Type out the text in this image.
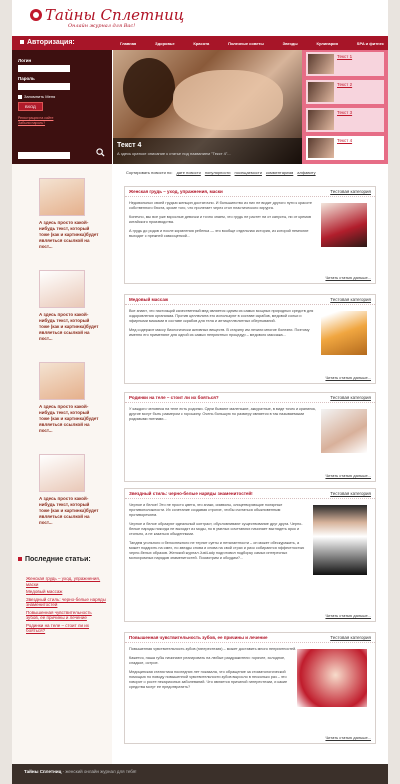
Тайны Сплетниц
Онлайн журнал для Вас!
Авторизация:	Главная	Здоровье	Красота	Полезные советы	Звезды	Кулинария	SPA и фитнес
Логин
Пароль
Запомнить Меня
ВХОД
Регистрация на сайте
Забыли пароль?
Текст 4
А здесь краткое описание к статье под названием "Текст 4"...
Текст 1
Текст 2
Текст 3
Текст 4
А здесь просто какой-нибудь текст, который тоже (как и картинка)будет являеться ссылкой на пост...
А здесь просто какой-нибудь текст, который тоже (как и картинка)будет являеться ссылкой на пост...
А здесь просто какой-нибудь текст, который тоже (как и картинка)будет являеться ссылкой на пост...
А здесь просто какой-нибудь текст, который тоже (как и картинка)будет являеться ссылкой на пост...
Последние статьи:
Женская грудь – уход, упражнения, маски
Медовый массаж
Звездный стиль: черно-белые наряды знаменитостей
Повышенная чувствительность зубов, ее причины и лечение
Родинки на теле – стоит ли их бояться?
Сортировать новости по: дате новости популярности посещаемости комментариям алфавиту
Женская грудь – уход, упражнения, маски	Тестовая категория

Недовольных своей грудью женщин достаточно. И большинство из них не видит другого пути к красоте собственного бюста, кроме того, что пролегает через стол пластического хирурга.

Конечно, мы все уже взрослые девочки и точно знаем, что грудь не растет ни от капусты, ни от кремов китайского производства.

А грудь до родов и после кормления ребенка — это вообще отдельная история, из которой немногие выходят с прежней самооценкой...

Читать статью дальше...
Медовый массаж	Тестовая категория

Все знают, что настоящий качественный мед является одним из самых мощных природных средств для оздоровления организма. Против целлюлита его используют в составе скрабов, медовой сольи и эфирными масками в составе скрабов для тела и антицеллюлитных обертываний.

Мед содержит массу биологически активных веществ. В старину им лечили многие болезни. Поэтому именно его применяют для одной из самых неприятных процедур – медового массажа...

Читать статью дальше...
Родинки на теле – стоит ли их бояться?	Тестовая категория

У каждого человека на теле есть родинки. Одни бывают маленькие, аккуратные, в виде точек и крапинок, другие могут быть размером с горошину. Очень большую по размеру является в так называемыми родимыми пятнами...

Читать статью дальше...
Звездный стиль: черно-белые наряды знаменитостей!	Тестовая категория

Черное и белое! Это не просто цвета, это знаки, символы, олицетворяющие полярные противоположности. Их сочетание создавая строгие, чтобы считаться обыкновенным противоречием.

Черное и белое образуют идеальный контраст, обусловливают существование друг друга. Черно-белые наряды никогда не выходят из моды, но в умелых сочетаниях начинает выглядеть ярко и стильно, а не казаться обыденными.

Тандем угольного и белоснежного не терпит суеты и неталантности – он может обескуражить, а может подарить на смех, но звезды снова и снова на свой страх и риск собираются эффектностью черно-белых образов. Женский журнал JustLady подготовил подборку самых интересных монохромных нарядов знаменитостей. Посмотрим и обсудим?...

Читать статью дальше...
Повышенная чувствительность зубов, ее причины и лечение	Тестовая категория

Повышенная чувствительность зубов (гиперестезия) – может доставить много неприятностей.

Кажется, наша губы начинают реагировать на любые раздражители: горячее, холодное, сладкое, острое.

Медицинская статистика последних лет показала, что обращение за стоматологической помощью по поводу повышенной чувствительности зубов выросло в несколько раз – это говорит о росте некариозных заболеваний. Что является причиной гиперестезии, и какие средства могут ее предотвратить?

Читать статью дальше...
Тайны Сплетниц - женский онлайн журнал для тебя!
